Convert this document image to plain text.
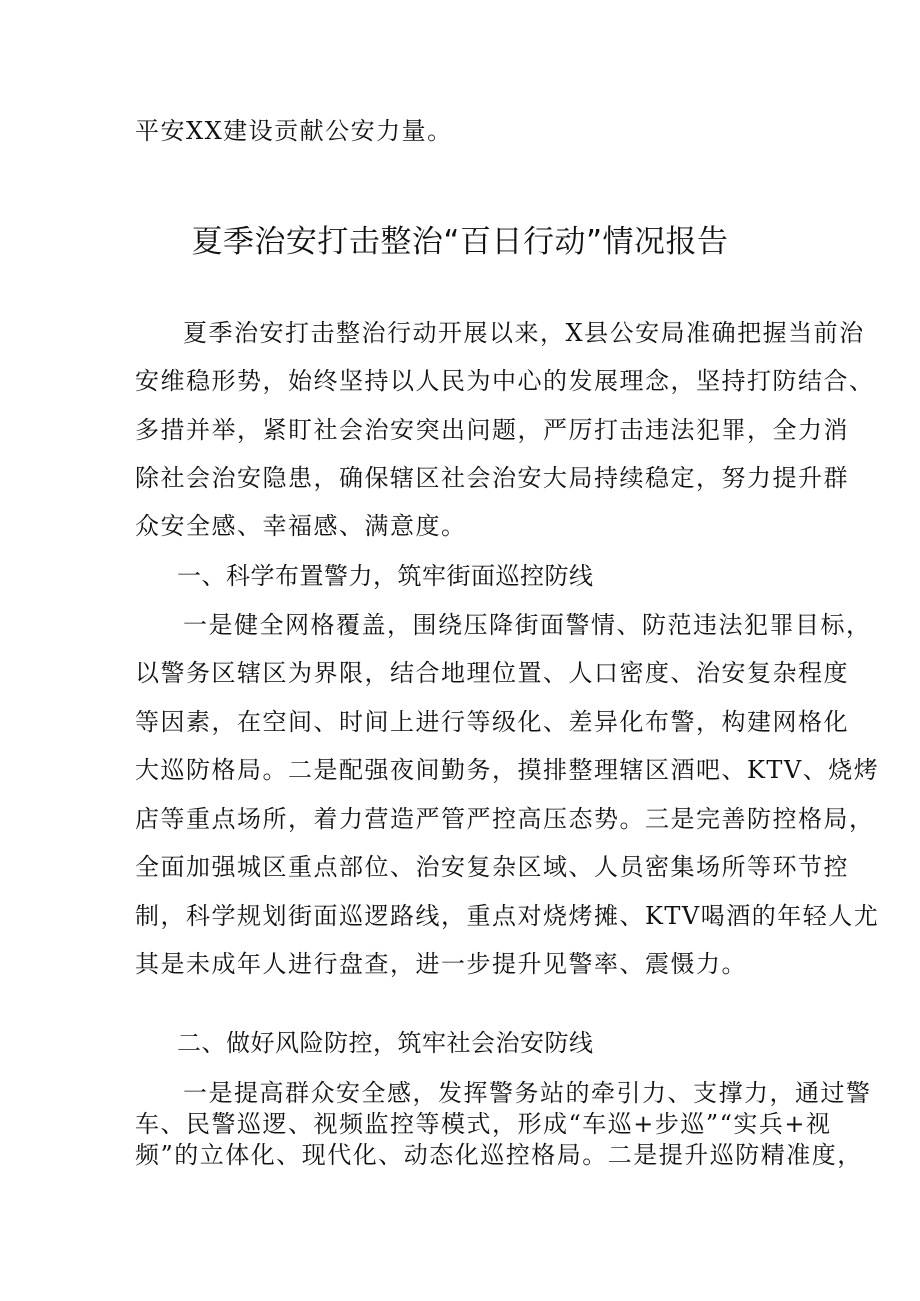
平安XX建设贡献公安力量。
夏季治安打击整治“百日行动”情况报告
夏季治安打击整治行动开展以来，X县公安局准确把握当前治
安维稳形势，始终坚持以人民为中心的发展理念，坚持打防结合、
多措并举，紧盯社会治安突出问题，严厉打击违法犯罪，全力消
除社会治安隐患，确保辖区社会治安大局持续稳定，努力提升群
众安全感、幸福感、满意度。
一、科学布置警力，筑牢街面巡控防线
一是健全网格覆盖，围绕压降街面警情、防范违法犯罪目标，
以警务区辖区为界限，结合地理位置、人口密度、治安复杂程度
等因素，在空间、时间上进行等级化、差异化布警，构建网格化
大巡防格局。二是配强夜间勤务，摸排整理辖区酒吧、KTV、烧烤
店等重点场所，着力营造严管严控高压态势。三是完善防控格局，
全面加强城区重点部位、治安复杂区域、人员密集场所等环节控
制，科学规划街面巡逻路线，重点对烧烤摊、KTV喝酒的年轻人尤
其是未成年人进行盘查，进一步提升见警率、震慑力。
二、做好风险防控，筑牢社会治安防线
一是提高群众安全感，发挥警务站的牵引力、支撑力，通过警
车、民警巡逻、视频监控等模式，形成“车巡+步巡”“实兵+视
频”的立体化、现代化、动态化巡控格局。二是提升巡防精准度，
